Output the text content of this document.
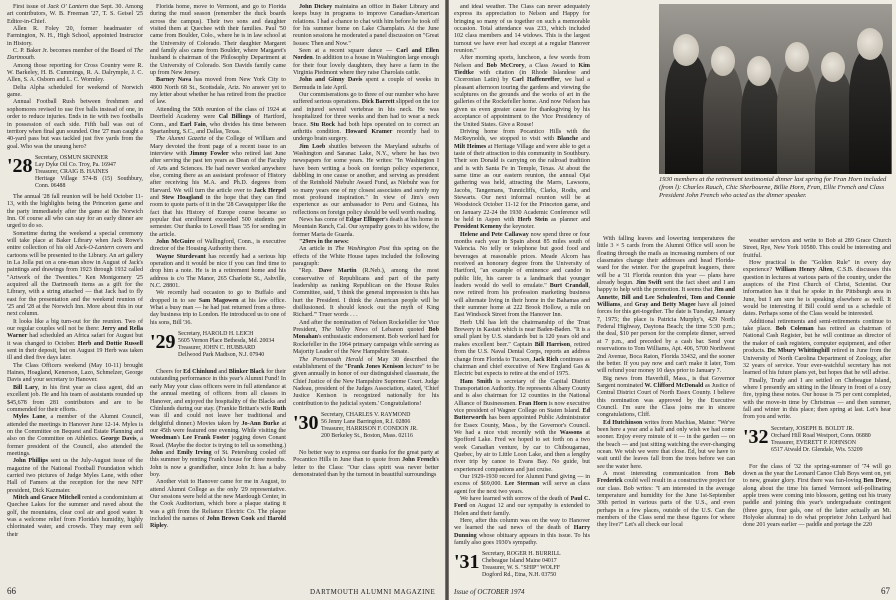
First issue of Jack O' Lantern due Sept. 30. Among art contributors, W. B. Freeman '27, T. S. Geisel '25 Editor-in-Chief.

Allen R. Foley '20, former headmaster of Farmington, N. H., High School, appointed Instructor in History.

C. P. Baker Jr. becomes member of the Board of The Dartmouth.

Among those reporting for Cross Country were R. W. Barkeley, H. B. Cummings, R. A. Dalrymple, J. C. Allen, S. A. Osborn and L. C. Wormley.

Delta Alpha scheduled for weekend of Norwich game.

Annual Football Rush between freshmen and sophomores revised to use five balls instead of one, in order to reduce injuries. Ends in tie with two footballs in possession of each side. Fifth ball was out of territory when final gun sounded. One '27 man caught a 40-yard pass but was tackled just five yards from the goal. Who was the unsung hero?

'28 Secretary, OSMUN SKINNER
Lay Dyke Oil Co. Troy, Pa. 16947
Treasurer, CRAIG B. HAINES
Heritage Village 574-B (15) Southbury, Conn. 06488

The annual '28 fall reunion will be held October 11-13, with the highlights being the Princeton game and the party immediately after the game at the Norwich Inn. Of course all who can stay for an early dinner are urged to do so.

Sometime during the weekend a special ceremony will take place at Baker Library when Jack Rowe's entire collection of his old Jack-O-Lantern covers and cartoons will be presented to the Library. An art gallery in La Jolla put on a one-man show in August of Jack's paintings and drawings from 1923 through 1932 called "Artwork of the Twenties." Ken Montgomery '25 acquired all the Dartmouth items as a gift for the Library, with a string attached — that Jack had to fly east for the presentation and the weekend reunion of '25 and '28 at the Norwich Inn. More about this in our next column.

It looks like a big turn-out for the reunion. Two of our regular couples will not be there: Jerry and Rella Warner had scheduled an Africa safari for August but it was changed to October. Herb and Dottie Russell sent in their deposit, but on August 19 Herb was taken ill and died five days later.

The Class Officers weekend (May 10-11) brought Haines, Hoagland, Kenerson, Lazo, Schmelzer, George Davis and your secretary to Hanover.

Bill Lary, in his first year as class agent, did an excellent job. He and his team of assistants rounded up $45,678 from 281 contributors and are to be commended for their efforts.

Myles Lane, a member of the Alumni Council, attended the meetings in Hanover June 12-14. Myles is on the Committee on Bequest and Estate Planning and also on the Committee on Athletics. George Davis, a former president of the Council, also attended the meetings.

John Phillips sent us the July-August issue of the magazine of the National Football Foundation which carried two pictures of Judge Myles Lane, with other Hall of Famers at the reception for the new NFF president, Dick Kazmaier.

Mitch and Grace Mitchell rented a condominium at Quechee Lakes for the summer and raved about the golf, the mountains, clear cool air and good water. It was a welcome relief from Florida's humidity, highly chlorinated water, and crowds. They may even sell their

Florida home, move to Vermont, and go to Florida during the mud season (remember the duck boards across the campus). Their two sons and daughter visited them at Quechee with their families. Paul '50 came from Boulder, Colo., where he is in law school at the University of Colorado. Their daughter Margaret and family also came from Boulder, where Margaret's husband is chairman of the Philosophy Department at the University of Colorado. Son Davids family came up from New Jersey.

Barney Nava has moved from New York City to 4800 North 68 St., Scottsdale, Ariz. No answer yet to my letter about whether he has retired from the practice of law.

Attending the 50th reunion of the class of 1924 at Deerfield Academy were Cal Billings of Hartford, Conn., and Earl Fain, who divides his time between Spartanburg, S.C., and Dallas, Texas.

The Alumni Gazette of the College of William and Mary devoted the front page of a recent issue to an interview with Jimmy Fowler who retired last June after serving the past ten years as Dean of the Faculty of Arts and Sciences. He had never worked anywhere else, coming there as an assistant professor of History after receiving his M.A. and Ph.D. degrees from Harvard. We will turn the article over to Jack Herpel and Stew Hoagland in the hope that they can find room to quote parts of it in the '28 Cavaquipper like the fact that his History of Europe course became so popular that enrollment exceeded 500 students per semester. Our thanks to Lowell Haas '35 for sending in the article.

John McGuire of Wallingford, Conn., is executive director of the Housing Authority there.

Wayne Sturdevant has recently had a serious hip operation and it would be nice if you can find time to drop him a note. He is in a retirement home and his address is c/o The Manor, 265 Charlotte St., Ashville, N.C. 28801.

We recently had occasion to go to Buffalo and dropped in to see Sam Magowen at his law office. What a busy man — he had just returned from a three-day business trip to London. He introduced us to one of his sons, Bill '36.

'29 Secretary, HAROLD H. LEICH
5605 Vernon Place Bethesda, Md. 20034
Treasurer, JOHN C. HUBBARD
Dellwood Park Madison, N.J. 07940

Cheers for Ed Chinlund and Blinker Black for their outstanding performance in this year's Alumni Fund! In early May your class officers were in full attendance at the annual meeting of officers from all classes in Hanover, and enjoyed the hospitality of the Blacks and Chinlunds during our stay. (Frankie Brittan's wife Ruth was ill and could not leave her traditional and delightful dinner.) Movies taken by Jo-Ann Burke at our 45th were featured one evening. While visiting the Woodman's Lee Frank Foster jogging down Conant Road. (Maybe the doctor is trying to tell us something.) John and Emily Irving of St. Petersburg cooled off this summer by renting Frank's house for three months. John is now a grandfather, since John Jr. has a baby boy.

Another visit to Hanover came for me in August, to attend Alumni College as the only '29 representative. Our sessions were held at the new Mardough Center, in the Cook Auditorium, which bore a plaque stating it was a gift from the Reliance Electric Co. The plaque included the names of John Brown Cook and Harold Ripley.

John Dickey maintains an office in Baker Library and keeps busy in programs to improve Canadian-American relations. I had a chance to chat with him before he took off for his summer home on Lake Champlain. At the June reunion sessions he moderated a panel discussion on "Great Issues: Then and Now."

Seen at a recent square dance — Carl and Ellen Norden. In addition to a house in Washington large enough for their four lovely daughters, they have a farm in the Virginia Piedmont where they raise Charolais cattle.

John and Ginny Davis spent a couple of weeks in Bermuda in late April.

Our commiserations go to three of our number who have suffered serious operations. Dick Barrett slipped on the ice and injured several vertebrae in his neck. He was hospitalized for three weeks and then had to wear a neck brace. Stu Rock had both hips operated on to correct an arthritis condition. Howard Kramer recently had to undergo brain surgery.

Jim Loeb shuttles between the Maryland suburbs of Washington and Saranac Lake, N.Y., where he has two newspapers for some years. He writes: "In Washington I have been writing a book on foreign policy experience, dabbling in one cause or another, and serving as president of the Reinhold Niebuhr Award Fund, as Niebuhr was for so many years one of my closest associates and surely my most profound inspiration." In view of Jim's own experience as our ambassador to Peru and Guinea, his reflections on foreign policy should be well worth reading.

News has come of Edgar Ellinger's death at his home in Mountain Ranch, Cal. Our sympathy goes to his widow, the former Maria de Guarda.

"29ers in the news:

An article in The Washington Post this spring on the effects of the White House tapes included the following paragraph:

"Rep. Dave Martin (R.Neb.), among the most conservative of Republicans and part of the party leadership as ranking Republican on the House Rules Committee, said, 'I think the general impression is this has hurt the President. I think the American people will be disillusioned. It should knock out the myth of King Richard.'" Truer words . . .

And after the nomination of Nelson Rockefeller for Vice President, The Valley News of Lebanon quoted Bob Monahan's enthusiastic endorsement. Bob worked hard for Rockefeller in the 1964 primary campaign while serving as Majority Leader of the New Hampshire Senate.

The Portsmouth Herald of May 30 described the establishment of the "Frank Jones Kenison lecture" to be given annually in honor of our distinguished classmate, the Chief Justice of the New Hampshire Supreme Court. Judge Nadeau, president of the Judges Association, stated, 'Chief Justice Kenison is recognized nationally for his contribution to the judicial system.' Congratulations!

'30 Secretary, CHARLES V. RAYMOND
56 Jenny Lane Barrington, R.I. 02806
Treasurer, HARRISON F. CONDON JR.
200 Berkeley St., Boston, Mass. 02116

No better way to express our thanks for the great party at Pocantico Hills in June than to quote from John French's letter to the Class: "Our class spirit was never better demonstrated than by the turnout in beautiful surroundings

66	DARTMOUTH ALUMNI MAGAZINE

and ideal weather. The Class can never adequately express its appreciation to Nelson and Happy for bringing so many of us together on such a memorable occasion. Total attendance was 233, which included 102 class members and 14 widows. This is the largest turnout we have ever had except at a regular Hanover reunion."

After morning sports, luncheon, a few words from Nelson and Bob McCrory, a Class Award to Kim Tiedtke with citation (in Rhode Islandese and Ciceronian Latin) by Carl Haffenreffer, we had a pleasant afternoon touring the gardens and viewing the sculptures on the grounds and the works of art in the galleries of the Rockefeller home. And now Nelson has given us even greater cause for thanksgiving by his acceptance of appointment to the Vice Presidency of the United States. Give a Rouse!

Driving home from Pocantico Hills with the McReynolds, we stopped to visit with Blanche and Milt Heimes at Heritage Village and were able to get a taste of their attraction to this community in Southbury. Their son Donald is carrying on the railroad tradition and is with Santa Fe in Temple, Texas. At about the same time as our eastern reunion, the annual Ojai gathering was held, attracting the Marrs, Lawsons, Jacobs, Tangemans, Tunnicliffs, Clarks, Rodis, and Stewarts. Our next informal reunion will be at Woodstock October 11-12 for the Princeton game, and on January 22-24 the 1930 Academic Conference will be held in Aspen with Herb Stein as planner and President Kemeny the keynoter.

Helene and Pete Callaway now spend three or four months each year in Spain about 85 miles south of Valencia. No telly or telephone but good food and beverages at reasonable prices. Meade Alcorn has received an honorary degree from the University of Hartford, "an example of eminence and candor in public life, his career is a landmark that younger leaders would do well to emulate." Burt Crandall, now retired from his profession marketing business will alternate living in their home in the Bahamas and their summer home at 222 Brook Hollow, a mile on East Windsock Street from the Hanover Inn.

Herb Uhl has left the chairmanship of the Trust Brewery in Kastatt which is near Baden-Baden. "It is a small plant by U.S. standards but is 120 years old and makes excellent beer." Captain Bill Harrison, retired from the U.S. Naval Dental Corps, reports an address change from Florida to Tucson, Jack Rich continues as chairman and chief executive of New England Gas & Electric but expects to retire at the end of 1975.

Ham Smith is secretary of the Capital District Transportation Authority. He represents Albany County and is also chairman for 12 counties in the National Alliance of Businessmen. Fran Horn is now executive vice president of Wagner College on Staten Island. Ed Butterworth has been appointed Public Administrator for Essex County, Mass., by the Governor's Council. We had a nice visit recently with the Wassons at Spofford Lake. Fred we hoped to set forth on a two week Canadian venture, by car to Chibougamau, Quebec, by air to Little Loon Lake, and then a lengthy river trip by canoe to Evans Bay. No guide, but experienced companions and just cruise.

Our 1929-1930 record for Alumni Fund giving — in excess of $69,000. Lee Sterman will serve as class agent for the next two years.

We have learned with sorrow of the death of Paul C. Ford on August 12 and our sympathy is extended to Helen and their family.

Here, after this column was on the way to Hanover we learned the sad news of the death of Harry Dunning whose obituary appears in this issue. To his family also goes 1930's sympathy.

'31 Secretary, ROGER H. BURRILL
Chebeague Island Maine 04017
Treasurer, W. S. "SHIP" WOLFF
Dogford Rd., Etna, N.H. 03750

With falling leaves and lowering temperatures the little 3 × 5 cards from the Alumni Office will soon be floating through the mails as increasing numbers of our classmates change their addresses and head Florida-ward for the winter. For the grapefruit leaguers, there will be a '31 Florida reunion this year — plans have already begun. Jim Swift sent the fact sheet and I am happy to help with the promotion. It seems that Jim and Annette, Bill and Lee Schulenfrei, Tom and Connie Williams, and Gray and Betty Magee have all joined forces for this get-together. The date is Tuesday, January 7, 1975; the place is Patricia Murphy's, 429 North Federal Highway, Daytona Beach; the time 5:30 p.m.; the deal, $10 per person for the complete dinner, served at 7 p.m., and preceded by a cash bar. Send your reservations to Tom Williams, Apt. 406, 5700 Northwest 2nd Avenue, Boca Raton, Florida 33432, and the sooner the better. If you pay now and can't make it later, Tom will refund your money 10 days prior to January 7.

Big news from Haverhill, Mass., is that Governor Sargent nominated W. Clifford McDonald as Justice of Central District Court of North Essex County. I believe this nomination was approved by the Executive Council. I'm sure the Class joins me in sincere congratulations, Cliff.

Ed Hutchinson writes from Machias, Maine: "We've been here a year and a half and only wish we had come sooner. Enjoy every minute of it — in the garden — on the beach — and just sitting watching the ever-changing ocean. We wish we were that close. Ed, but we have to wait until the leaves fall from the trees before we can see the water here.

A most interesting communication from Bob Frederick could well result in a constructive project for our class. Bob writes: "I am interested in the average temperature and humidity for the June 1st-September 30th period in various parts of the U.S., and even perhaps in a few places, outside of the U.S. Can the members of the Class send me these figures for where they live?" Let's all check our local

weather services and write to Bob at 289 Grace Church Street, Rye, New York 10580. This could be interesting and fruitful.

How practical is the "Golden Rule" in every day experience? William Henry Alten, C.S.B. discusses this question in lectures at various parts of the country, under the auspices of the First Church of Christ, Scientist. Our information has it that he spoke in the Pittsburgh area in June, but I am sure he is speaking elsewhere as well. It would be interesting if Bill could send us a schedule of dates. Perhaps some of the Class would be interested.

Additional retirements and semi-retirements continue to take place. Bob Coleman has retired as chairman of National Cash Register, but he will continue as director of the maker of cash registers, computer equipment, and other products. Dr. Mbury Whittinghill retired in June from the University of North Carolina Department of Zoology, after 32 years of service. Your ever-watchful secretary has not learned of his future plans yet, but hopes that he will advise.

Finally, Trudy and I are settled on Chebeague Island, where I presently am sitting in the library in front of a cozy fire, typing these notes. Our house is 75 per cent completed, with the move-in time by Christmas — and then summer, fall and winter in this place; then spring at last. Let's hear from you and write.

'32 Secretary, JOSEPH B. BOLDT JR.
Orchard Hill Road Westport, Conn. 06880
Treasurer, EVERETT P. JOHNSON
6517 Atwald Dr. Glendale, Wis. 53209

For the class of '32 the spring-summer of '74 will go down as the year the Leonard Canoe Club Boys went on, yet to new, greater glory. First there was fun-loving Ben Drew, along about the time his famed Vermont self-pollinating apple trees were coming into blossom, getting out his trusty paddle and joining this year's undergraduate contingent (three guys, four gals, one of the latter actually an Mt. Holyoke alumna) to do what proprietor John Ledyard had done 201 years earlier — paddle and portage the 220

Issue of OCTOBER 1974	67
1930 members at the retirement testimonial dinner last spring for Fran Horn included (from l): Charles Rauch, Chic Sherbourne, Billie Horn, Fran, Ellie French and Class President John French who acted as the dinner speaker.
